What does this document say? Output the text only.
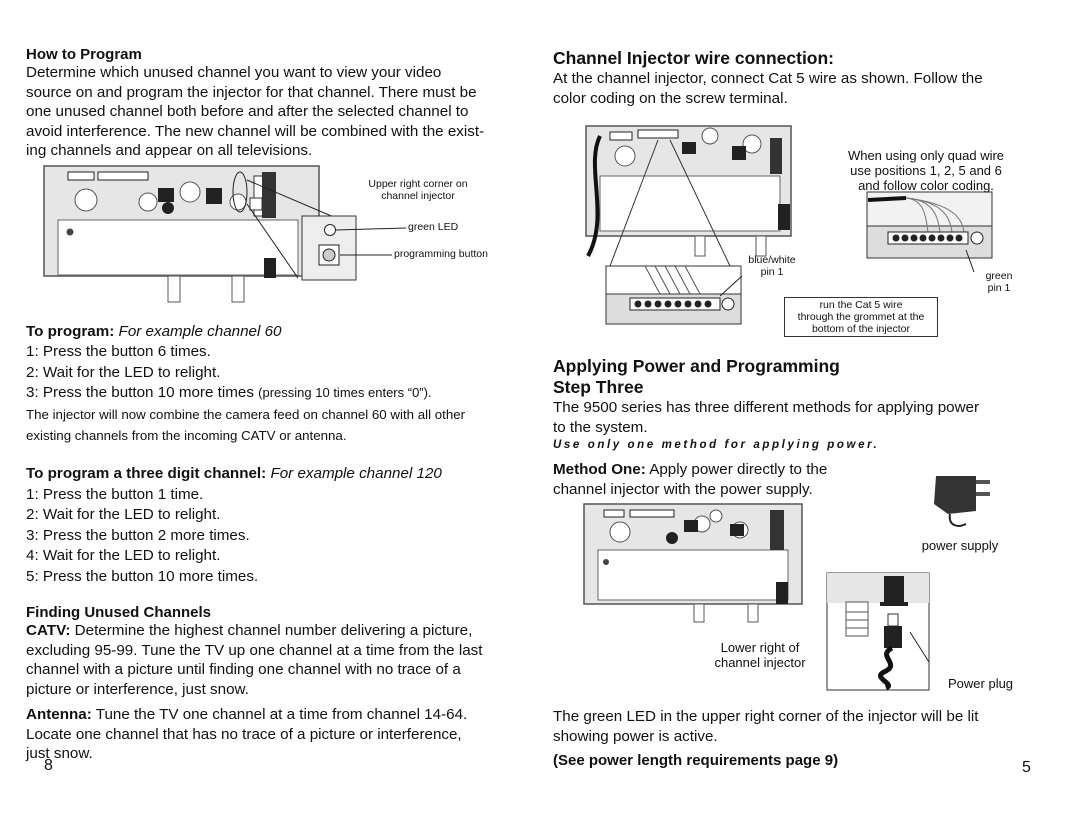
How to Program
Determine which unused channel you want to view your video
source on and program the injector for that channel. There must be
one unused channel both before and after the selected channel to
avoid interference. The new channel will be combined with the exist-
ing channels and appear on all televisions.
Upper right corner on
channel injector
green LED
programming button
To program: For example channel 60
1: Press the button 6 times.
2: Wait for the LED to relight.
3: Press the button 10 more times (pressing 10 times enters “0”).
The injector will now combine the camera feed on channel 60 with all other
existing channels from the incoming CATV or antenna.
To program a three digit channel: For example channel 120
1: Press the button 1 time.
2: Wait for the LED to relight.
3: Press the button 2 more times.
4: Wait for the LED to relight.
5: Press the button 10 more times.
Finding Unused Channels
CATV: Determine the highest channel number delivering a picture,
excluding 95-99. Tune the TV up one channel at a time from the last
channel with a picture until finding one channel with no trace of a
picture or interference, just snow.
Antenna: Tune the TV one channel at a time from channel 14-64.
Locate one channel that has no trace of a picture or interference,
just snow.
8
Channel Injector wire connection:
At the channel injector, connect Cat 5 wire as shown. Follow the
color coding on the screw terminal.
When using only quad wire
use positions 1, 2, 5 and 6
and follow color coding.
blue/white
pin 1	green
pin 1
run the Cat 5 wire
through the grommet at the
bottom of the injector
Applying Power and Programming
Step Three
The 9500 series has three different methods for applying power
to the system.
Use only one method for applying power.
Method One: Apply power directly to the
channel injector with the power supply.
power supply
Lower right of
channel injector
Power plug
The green LED in the upper right corner of the injector will be lit
showing power is active.
(See power length requirements page 9)	5
